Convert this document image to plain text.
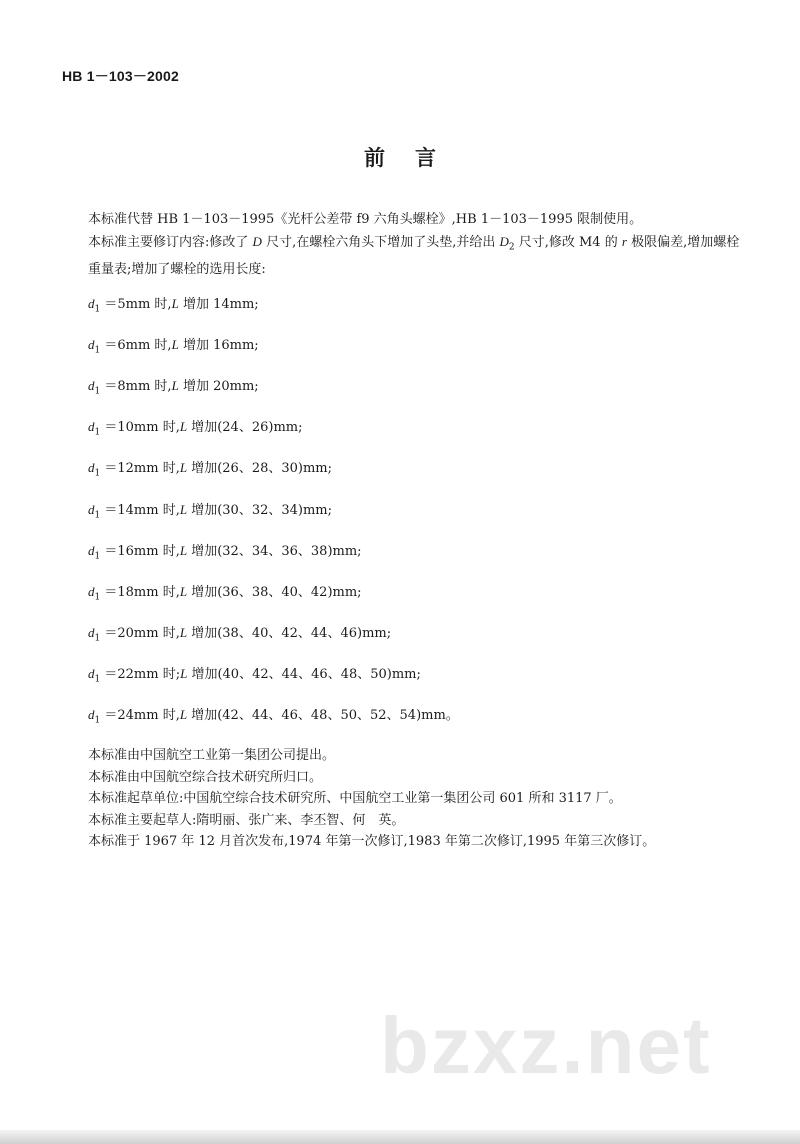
HB 1－103－2002
前 言

本标准代替 HB 1－103－1995《光杆公差带 f9 六角头螺栓》,HB 1－103－1995 限制使用。

本标准主要修订内容:修改了 D 尺寸,在螺栓六角头下增加了头垫,并给出 $D_2$ 尺寸,修改 M4 的 r 极限偏差,增加螺栓重量表;增加了螺栓的选用长度:

$d_1 =5mm$ 时,L 增加 14mm;

$d_1 =6mm$ 时,L 增加 16mm;

$d_1 =8mm$ 时,L 增加 20mm;

$d_1 =10mm$ 时,L 增加(24、26)mm;

$d_1 =12mm$ 时,L 增加(26、28、30)mm;

$d_1 =14mm$ 时,L 增加(30、32、34)mm;

$d_1 =16mm$ 时,L 增加(32、34、36、38)mm;

$d_1 =18mm$ 时,L 增加(36、38、40、42)mm;

$d_1 =20mm$ 时,L 增加(38、40、42、44、46)mm;

$d_1 =22mm$ 时;L 增加(40、42、44、46、48、50)mm;

$d_1 =24mm$ 时,L 增加(42、44、46、48、50、52、54)mm。

本标准由中国航空工业第一集团公司提出。

本标准由中国航空综合技术研究所归口。

本标准起草单位:中国航空综合技术研究所、中国航空工业第一集团公司 601 所和 3117 厂。

本标准主要起草人:隋明丽、张广来、李丕智、何　英。

本标准于 1967 年 12 月首次发布,1974 年第一次修订,1983 年第二次修订,1995 年第三次修订。

bzxz.net
